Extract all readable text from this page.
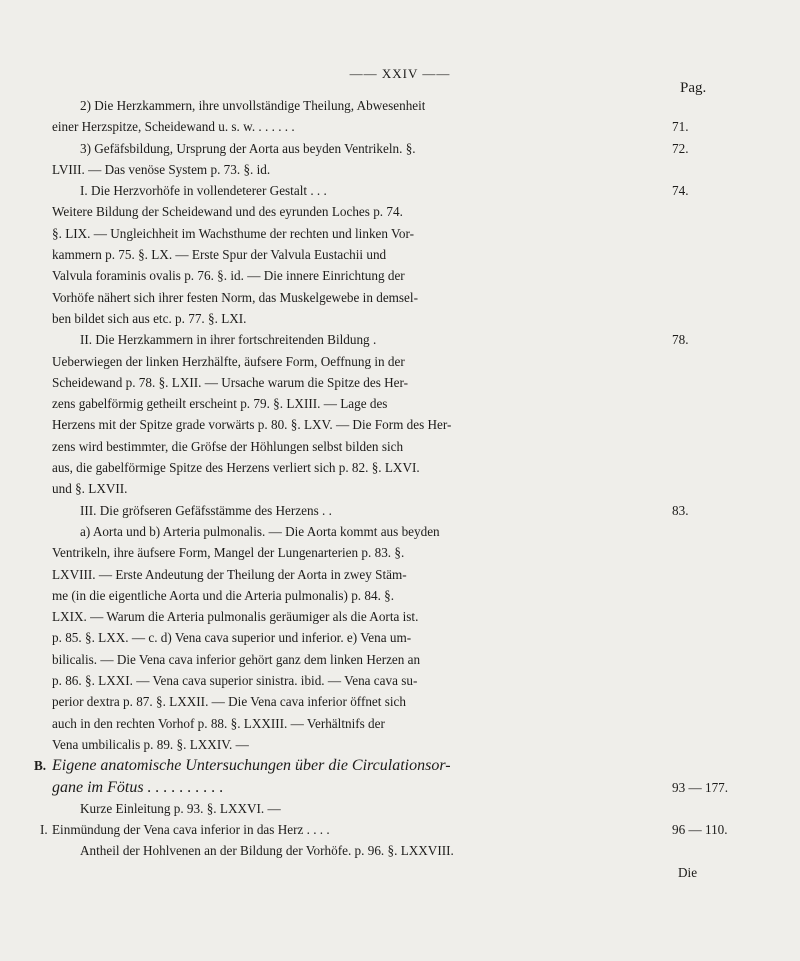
—— XXIV ——
Pag.
2) Die Herzkammern, ihre unvollständige Theilung, Abwesenheit
einer Herzspitze, Scheidewand u. s. w. . . . . . .	71.
3) Gefäfsbildung, Ursprung der Aorta aus beyden Ventrikeln. §.	72.
LVIII. — Das venöse System p. 73. §. id.
I. Die Herzvorhöfe in vollendeterer Gestalt . . .	74.
Weitere Bildung der Scheidewand und des eyrunden Loches p. 74.
§. LIX. — Ungleichheit im Wachsthume der rechten und linken Vor-
kammern p. 75. §. LX. — Erste Spur der Valvula Eustachii und
Valvula foraminis ovalis p. 76. §. id. — Die innere Einrichtung der
Vorhöfe nähert sich ihrer festen Norm, das Muskelgewebe in demsel-
ben bildet sich aus etc. p. 77. §. LXI.
II. Die Herzkammern in ihrer fortschreitenden Bildung .	78.
Ueberwiegen der linken Herzhälfte, äufsere Form, Oeffnung in der
Scheidewand p. 78. §. LXII. — Ursache warum die Spitze des Her-
zens gabelförmig getheilt erscheint p. 79. §. LXIII. — Lage des
Herzens mit der Spitze grade vorwärts p. 80. §. LXV. — Die Form des Her-
zens wird bestimmter, die Gröfse der Höhlungen selbst bilden sich
aus, die gabelförmige Spitze des Herzens verliert sich p. 82. §. LXVI.
und §. LXVII.
III. Die gröfseren Gefäfsstämme des Herzens . .	83.
a) Aorta und b) Arteria pulmonalis. — Die Aorta kommt aus beyden
Ventrikeln, ihre äufsere Form, Mangel der Lungenarterien p. 83. §.
LXVIII. — Erste Andeutung der Theilung der Aorta in zwey Stäm-
me (in die eigentliche Aorta und die Arteria pulmonalis) p. 84. §.
LXIX. — Warum die Arteria pulmonalis geräumiger als die Aorta ist.
p. 85. §. LXX. — c. d) Vena cava superior und inferior. e) Vena um-
bilicalis. — Die Vena cava inferior gehört ganz dem linken Herzen an
p. 86. §. LXXI. — Vena cava superior sinistra. ibid. — Vena cava su-
perior dextra p. 87. §. LXXII. — Die Vena cava inferior öffnet sich
auch in den rechten Vorhof p. 88. §. LXXIII. — Verhältnifs der
Vena umbilicalis p. 89. §. LXXIV. —
B. Eigene anatomische Untersuchungen über die Circulationsor-
gane im Fötus . . . . . . . . . .	93 — 177.
Kurze Einleitung p. 93. §. LXXVI. —
I. Einmündung der Vena cava inferior in das Herz . . . .	96 — 110.
Antheil der Hohlvenen an der Bildung der Vorhöfe. p. 96. §. LXXVIII.
Die
